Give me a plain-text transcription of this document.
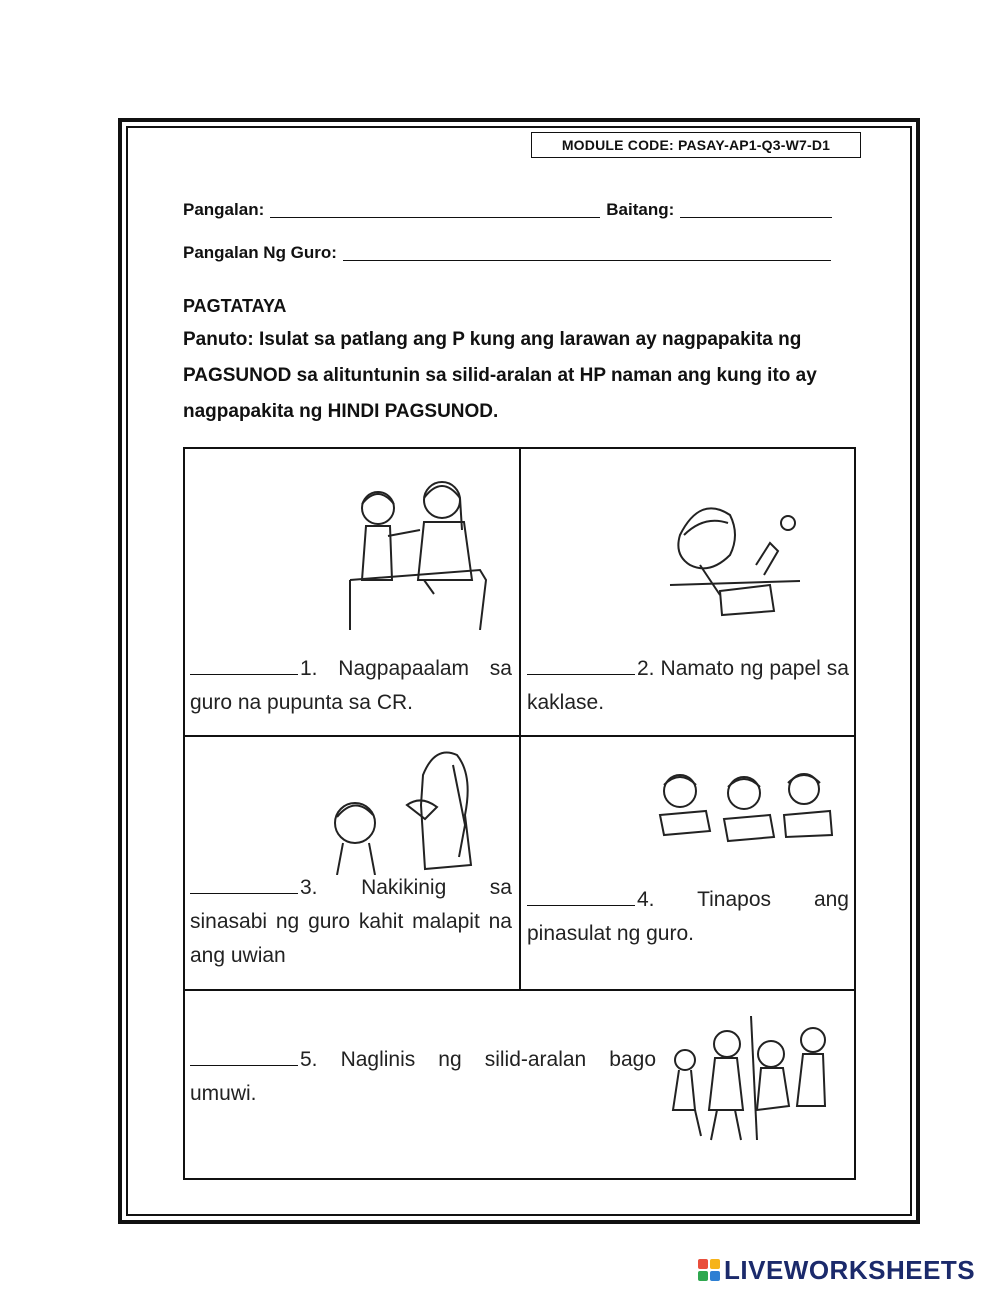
MODULE CODE: PASAY-AP1-Q3-W7-D1
Pangalan:	Baitang:
Pangalan Ng Guro:
PAGTATAYA
Panuto: Isulat sa patlang ang P kung ang larawan ay nagpapakita ng PAGSUNOD sa alituntunin sa silid-aralan at HP naman ang kung ito ay nagpapakita ng HINDI PAGSUNOD.
1. Nagpapaalam sa guro na pupunta sa CR.
2. Namato ng papel sa kaklase.
3. Nakikinig sa sinasabi ng guro kahit malapit na ang uwian
4. Tinapos ang pinasulat ng guro.
5. Naglinis ng silid-aralan bago umuwi.
LIVEWORKSHEETS
